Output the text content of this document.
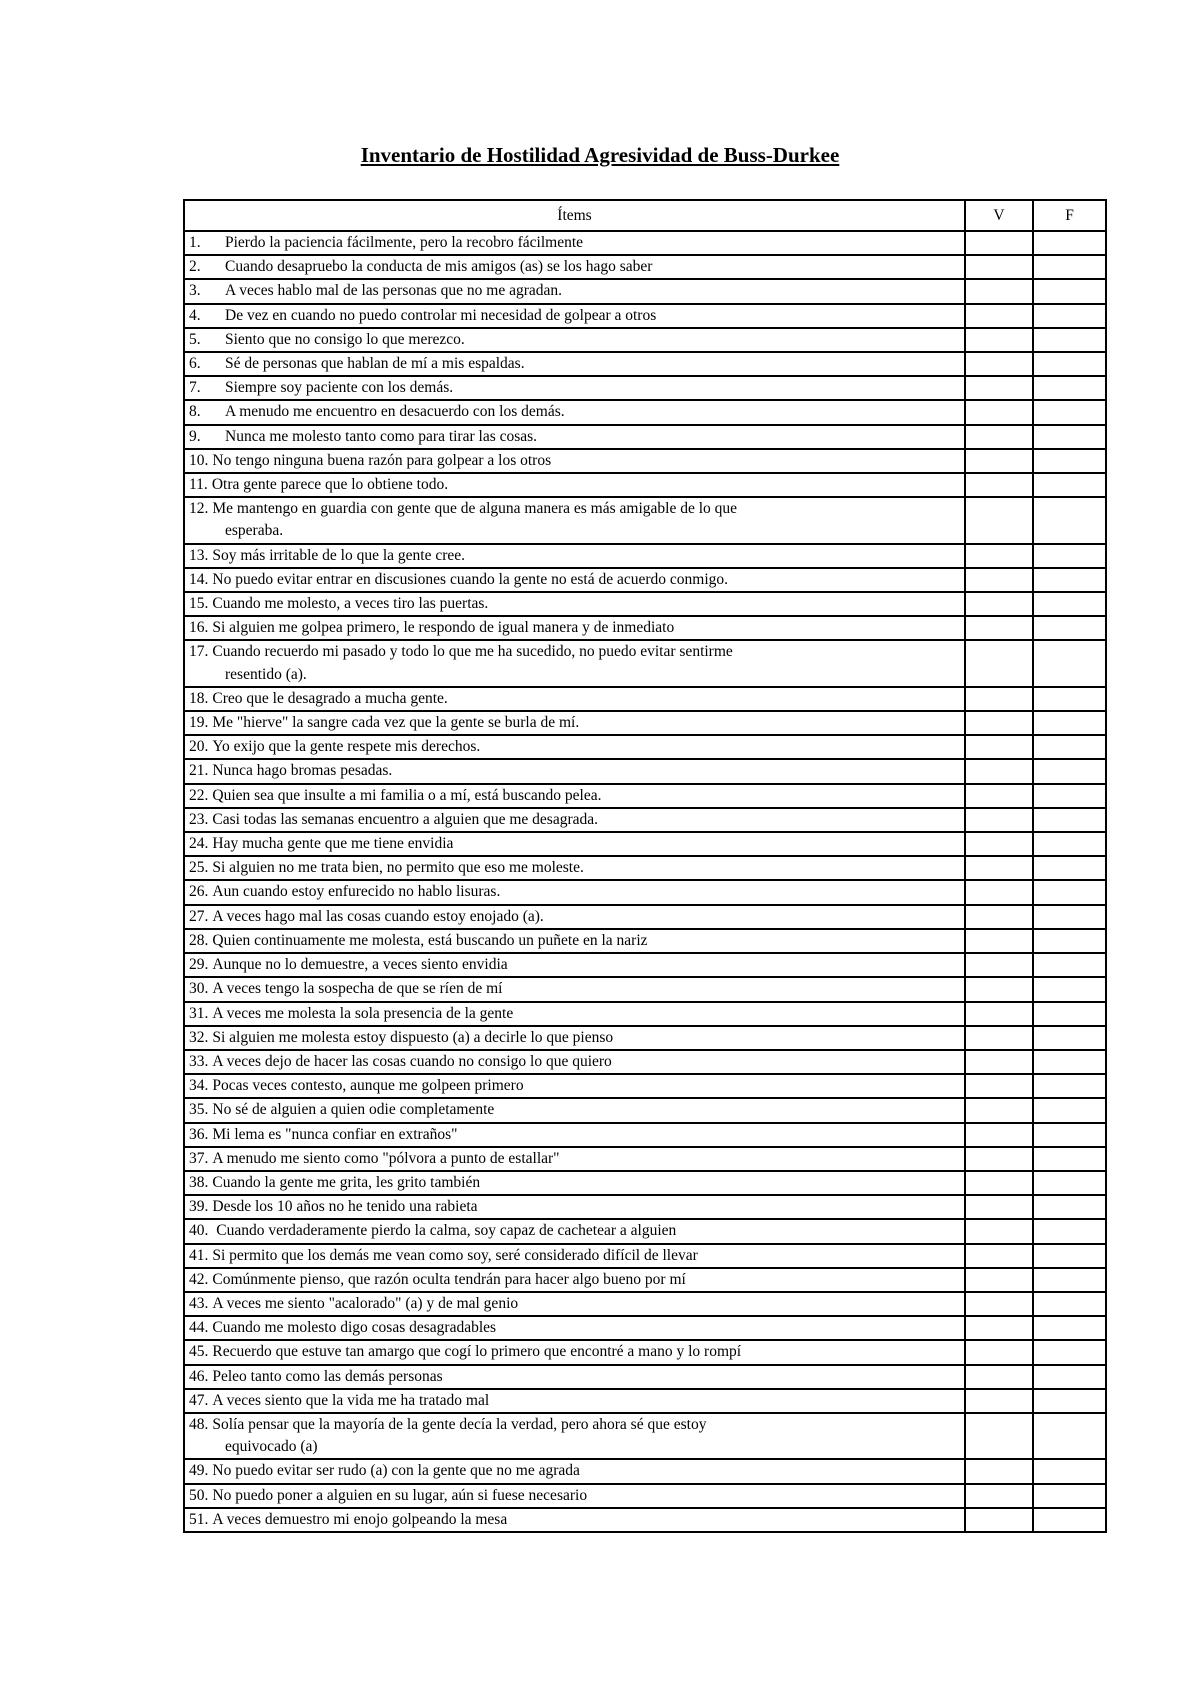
Inventario de Hostilidad Agresividad de Buss-Durkee
Ítems	V	F

1. Pierdo la paciencia fácilmente, pero la recobro fácilmente		

2. Cuando desapruebo la conducta de mis amigos (as) se los hago saber		

3. A veces hablo mal de las personas que no me agradan.		

4. De vez en cuando no puedo controlar mi necesidad de golpear a otros		

5. Siento que no consigo lo que merezco.		

6. Sé de personas que hablan de mí a mis espaldas.		

7. Siempre soy paciente con los demás.		

8. A menudo me encuentro en desacuerdo con los demás.		

9. Nunca me molesto tanto como para tirar las cosas.		

10. No tengo ninguna buena razón para golpear a los otros		

11. Otra gente parece que lo obtiene todo.		

12. Me mantengo en guardia con gente que de alguna manera es más amigable de lo que
esperaba.		

13. Soy más irritable de lo que la gente cree.		

14. No puedo evitar entrar en discusiones cuando la gente no está de acuerdo conmigo.		

15. Cuando me molesto, a veces tiro las puertas.		

16. Si alguien me golpea primero, le respondo de igual manera y de inmediato		

17. Cuando recuerdo mi pasado y todo lo que me ha sucedido, no puedo evitar sentirme
resentido (a).		

18. Creo que le desagrado a mucha gente.		

19. Me "hierve" la sangre cada vez que la gente se burla de mí.		

20. Yo exijo que la gente respete mis derechos.		

21. Nunca hago bromas pesadas.		

22. Quien sea que insulte a mi familia o a mí, está buscando pelea.		

23. Casi todas las semanas encuentro a alguien que me desagrada.		

24. Hay mucha gente que me tiene envidia		

25. Si alguien no me trata bien, no permito que eso me moleste.		

26. Aun cuando estoy enfurecido no hablo lisuras.		

27. A veces hago mal las cosas cuando estoy enojado (a).		

28. Quien continuamente me molesta, está buscando un puñete en la nariz		

29. Aunque no lo demuestre, a veces siento envidia		

30. A veces tengo la sospecha de que se ríen de mí		

31. A veces me molesta la sola presencia de la gente		

32. Si alguien me molesta estoy dispuesto (a) a decirle lo que pienso		

33. A veces dejo de hacer las cosas cuando no consigo lo que quiero		

34. Pocas veces contesto, aunque me golpeen primero		

35. No sé de alguien a quien odie completamente		

36. Mi lema es "nunca confiar en extraños"		

37. A menudo me siento como "pólvora a punto de estallar"		

38. Cuando la gente me grita, les grito también		

39. Desde los 10 años no he tenido una rabieta		

40. Cuando verdaderamente pierdo la calma, soy capaz de cachetear a alguien		

41. Si permito que los demás me vean como soy, seré considerado difícil de llevar		

42. Comúnmente pienso, que razón oculta tendrán para hacer algo bueno por mí		

43. A veces me siento "acalorado" (a) y de mal genio		

44. Cuando me molesto digo cosas desagradables		

45. Recuerdo que estuve tan amargo que cogí lo primero que encontré a mano y lo rompí		

46. Peleo tanto como las demás personas		

47. A veces siento que la vida me ha tratado mal		

48. Solía pensar que la mayoría de la gente decía la verdad, pero ahora sé que estoy
equivocado (a)		

49. No puedo evitar ser rudo (a) con la gente que no me agrada		

50. No puedo poner a alguien en su lugar, aún si fuese necesario		

51. A veces demuestro mi enojo golpeando la mesa		
